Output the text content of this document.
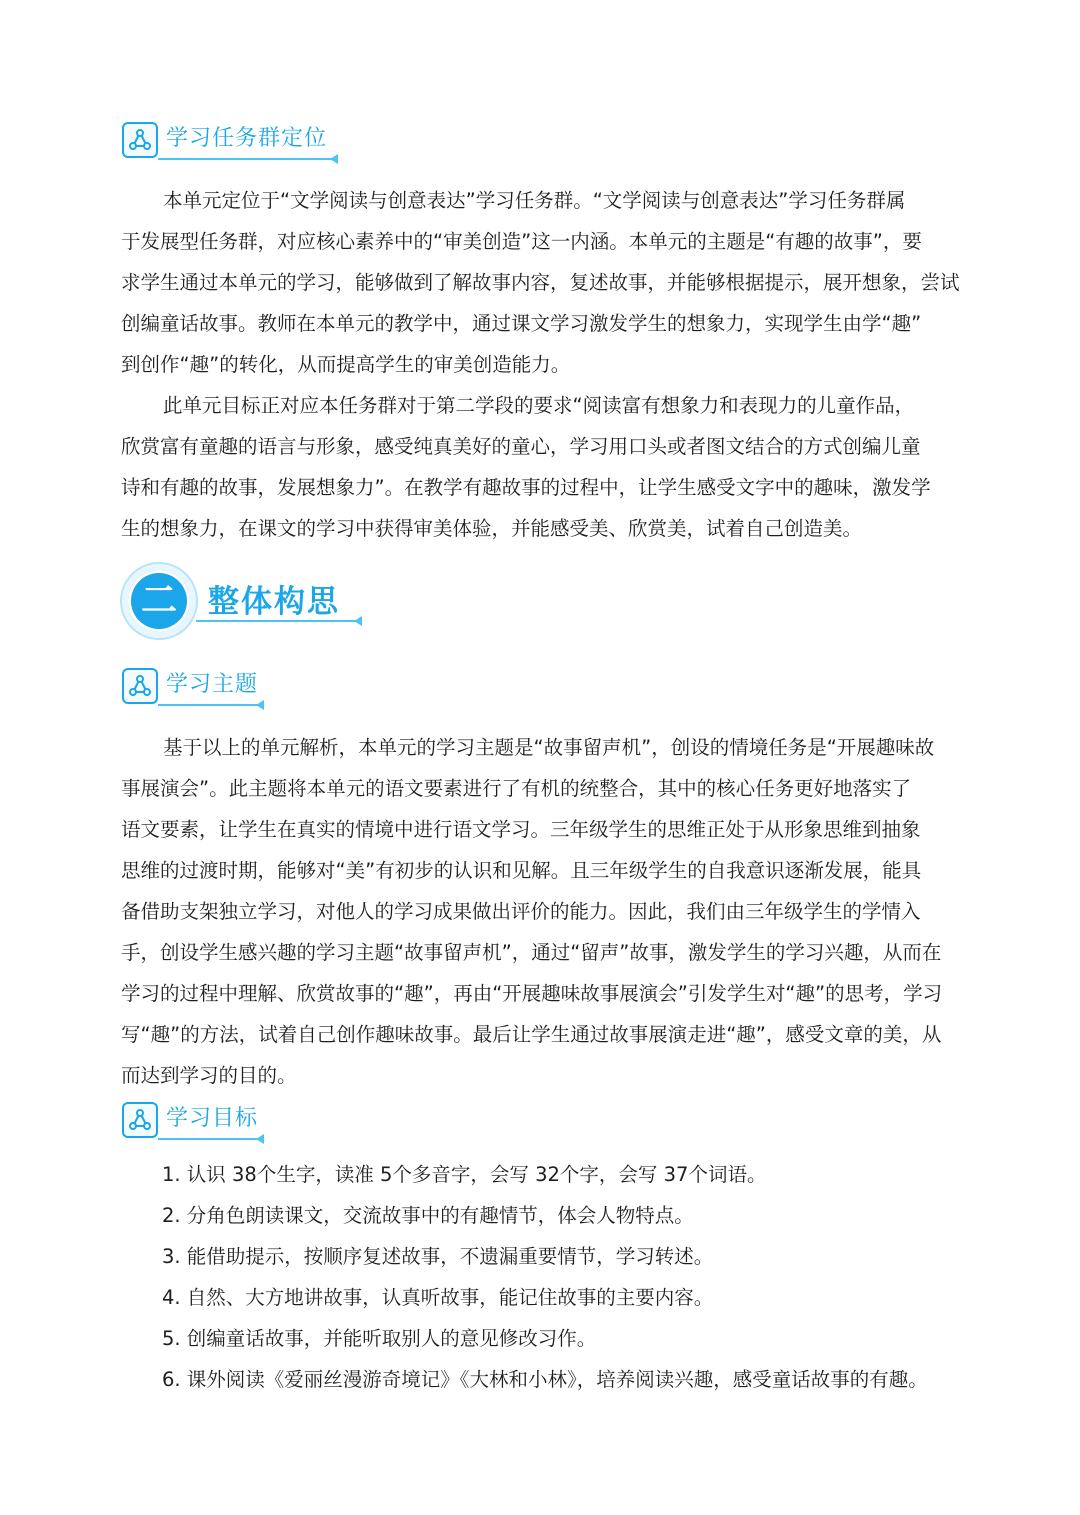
学习任务群定位
本单元定位于“文学阅读与创意表达”学习任务群。“文学阅读与创意表达”学习任务群属
于发展型任务群，对应核心素养中的“审美创造”这一内涵。本单元的主题是“有趣的故事”，要
求学生通过本单元的学习，能够做到了解故事内容，复述故事，并能够根据提示，展开想象，尝试
创编童话故事。教师在本单元的教学中，通过课文学习激发学生的想象力，实现学生由学“趣”
到创作“趣”的转化，从而提高学生的审美创造能力。
此单元目标正对应本任务群对于第二学段的要求“阅读富有想象力和表现力的儿童作品，
欣赏富有童趣的语言与形象，感受纯真美好的童心，学习用口头或者图文结合的方式创编儿童
诗和有趣的故事，发展想象力”。在教学有趣故事的过程中，让学生感受文字中的趣味，激发学
生的想象力，在课文的学习中获得审美体验，并能感受美、欣赏美，试着自己创造美。
二	整体构思
学习主题
基于以上的单元解析，本单元的学习主题是“故事留声机”，创设的情境任务是“开展趣味故
事展演会”。此主题将本单元的语文要素进行了有机的统整合，其中的核心任务更好地落实了
语文要素，让学生在真实的情境中进行语文学习。三年级学生的思维正处于从形象思维到抽象
思维的过渡时期，能够对“美”有初步的认识和见解。且三年级学生的自我意识逐渐发展，能具
备借助支架独立学习，对他人的学习成果做出评价的能力。因此，我们由三年级学生的学情入
手，创设学生感兴趣的学习主题“故事留声机”，通过“留声”故事，激发学生的学习兴趣，从而在
学习的过程中理解、欣赏故事的“趣”，再由“开展趣味故事展演会”引发学生对“趣”的思考，学习
写“趣”的方法，试着自己创作趣味故事。最后让学生通过故事展演走进“趣”，感受文章的美，从
而达到学习的目的。
学习目标
1. 认识 38个生字，读准 5个多音字，会写 32个字，会写 37个词语。
2. 分角色朗读课文，交流故事中的有趣情节，体会人物特点。
3. 能借助提示，按顺序复述故事，不遗漏重要情节，学习转述。
4. 自然、大方地讲故事，认真听故事，能记住故事的主要内容。
5. 创编童话故事，并能听取别人的意见修改习作。
6. 课外阅读《爱丽丝漫游奇境记》《大林和小林》，培养阅读兴趣，感受童话故事的有趣。
